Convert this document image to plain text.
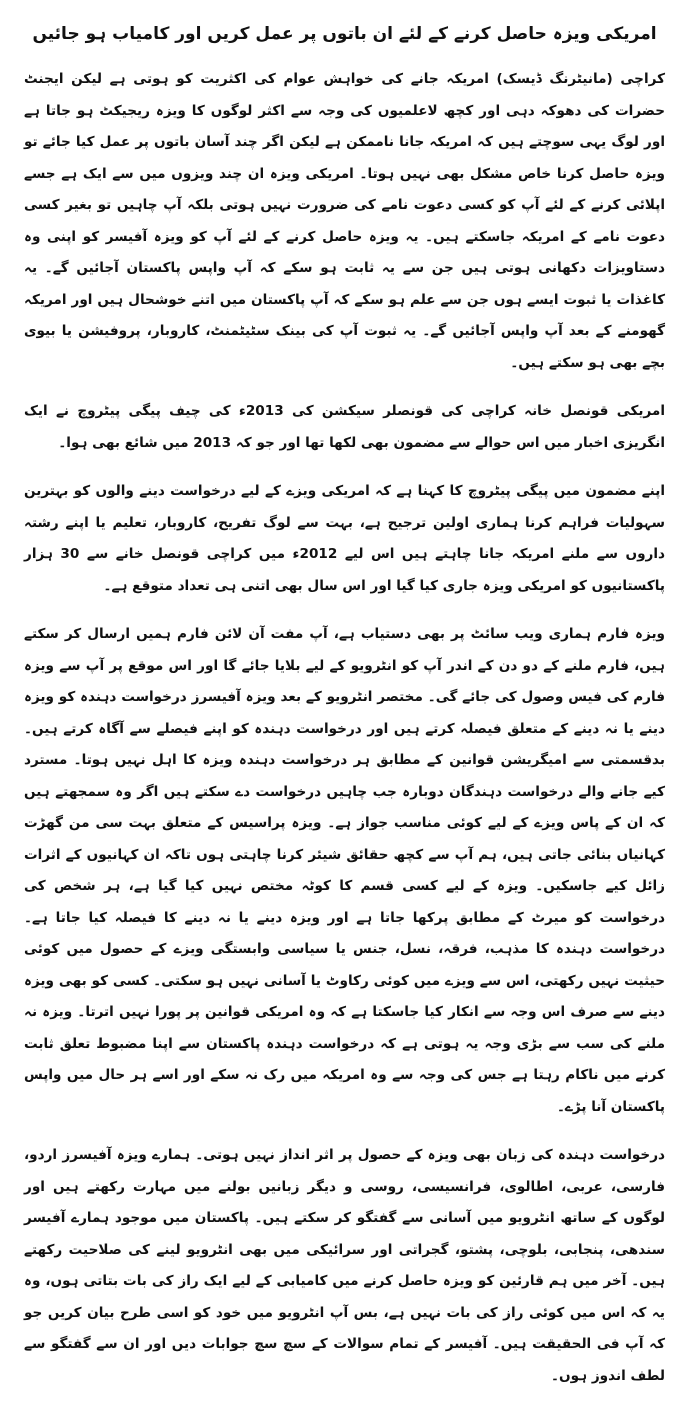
امریکی ویزہ حاصل کرنے کے لئے ان باتوں پر عمل کریں اور کامیاب ہو جائیں

کراچی (مانیٹرنگ ڈیسک) امریکہ جانے کی خواہش عوام کی اکثریت کو ہوتی ہے لیکن ایجنٹ حضرات کی دھوکہ دہی اور کچھ لاعلمیوں کی وجہ سے اکثر لوگوں کا ویزہ ریجیکٹ ہو جاتا ہے اور لوگ یہی سوچتے ہیں کہ امریکہ جانا ناممکن ہے لیکن اگر چند آسان باتوں پر عمل کیا جائے تو ویزہ حاصل کرنا خاص مشکل بھی نہیں ہوتا۔ امریکی ویزہ ان چند ویزوں میں سے ایک ہے جسے اپلائی کرنے کے لئے آپ کو کسی دعوت نامے کی ضرورت نہیں ہوتی بلکہ آپ چاہیں تو بغیر کسی دعوت نامے کے امریکہ جاسکتے ہیں۔ یہ ویزہ حاصل کرنے کے لئے آپ کو ویزہ آفیسر کو اپنی وہ دستاویزات دکھانی ہوتی ہیں جن سے یہ ثابت ہو سکے کہ آپ واپس پاکستان آجائیں گے۔ یہ کاغذات یا ثبوت ایسے ہوں جن سے علم ہو سکے کہ آپ پاکستان میں اتنے خوشحال ہیں اور امریکہ گھومنے کے بعد آپ واپس آجائیں گے۔ یہ ثبوت آپ کی بینک سٹیٹمنٹ، کاروبار، پروفیشن یا بیوی بچے بھی ہو سکتے ہیں۔

امریکی قونصل خانہ کراچی کی قونصلر سیکشن کی 2013ء کی چیف پیگی پیٹروچ نے ایک انگریزی اخبار میں اس حوالے سے مضمون بھی لکھا تھا اور جو کہ 2013 میں شائع بھی ہوا۔

اپنے مضمون میں پیگی پیٹروچ کا کہنا ہے کہ امریکی ویزے کے لیے درخواست دینے والوں کو بہترین سہولیات فراہم کرنا ہماری اولین ترجیح ہے، بہت سے لوگ تفریح، کاروبار، تعلیم یا اپنے رشتہ داروں سے ملنے امریکہ جانا چاہتے ہیں اس لیے 2012ء میں کراچی قونصل خانے سے 30 ہزار پاکستانیوں کو امریکی ویزہ جاری کیا گیا اور اس سال بھی اتنی ہی تعداد متوقع ہے۔

ویزہ فارم ہماری ویب سائٹ پر بھی دستیاب ہے، آپ مفت آن لائن فارم ہمیں ارسال کر سکتے ہیں، فارم ملنے کے دو دن کے اندر آپ کو انٹرویو کے لیے بلایا جائے گا اور اس موقع پر آپ سے ویزہ فارم کی فیس وصول کی جائے گی۔ مختصر انٹرویو کے بعد ویزہ آفیسرز درخواست دہندہ کو ویزہ دینے یا نہ دینے کے متعلق فیصلہ کرتے ہیں اور درخواست دہندہ کو اپنے فیصلے سے آگاہ کرتے ہیں۔ بدقسمتی سے امیگریشن قوانین کے مطابق ہر درخواست دہندہ ویزہ کا اہل نہیں ہوتا۔ مسترد کیے جانے والے درخواست دہندگان دوبارہ جب چاہیں درخواست دے سکتے ہیں اگر وہ سمجھتے ہیں کہ ان کے پاس ویزے کے لیے کوئی مناسب جواز ہے۔ ویزہ پراسیس کے متعلق بہت سی من گھڑت کہانیاں بنائی جاتی ہیں، ہم آپ سے کچھ حقائق شیئر کرنا چاہتی ہوں تاکہ ان کہانیوں کے اثرات زائل کیے جاسکیں۔ ویزہ کے لیے کسی قسم کا کوٹہ مختص نہیں کیا گیا ہے، ہر شخص کی درخواست کو میرٹ کے مطابق پرکھا جاتا ہے اور ویزہ دینے یا نہ دینے کا فیصلہ کیا جاتا ہے۔ درخواست دہندہ کا مذہب، فرقہ، نسل، جنس یا سیاسی وابستگی ویزے کے حصول میں کوئی حیثیت نہیں رکھتی، اس سے ویزے میں کوئی رکاوٹ یا آسانی نہیں ہو سکتی۔ کسی کو بھی ویزہ دینے سے صرف اس وجہ سے انکار کیا جاسکتا ہے کہ وہ امریکی قوانین پر پورا نہیں اترتا۔ ویزہ نہ ملنے کی سب سے بڑی وجہ یہ ہوتی ہے کہ درخواست دہندہ پاکستان سے اپنا مضبوط تعلق ثابت کرنے میں ناکام رہتا ہے جس کی وجہ سے وہ امریکہ میں رک نہ سکے اور اسے ہر حال میں واپس پاکستان آنا پڑے۔

درخواست دہندہ کی زبان بھی ویزہ کے حصول پر اثر انداز نہیں ہوتی۔ ہمارے ویزہ آفیسرز اردو، فارسی، عربی، اطالوی، فرانسیسی، روسی و دیگر زبانیں بولنے میں مہارت رکھتے ہیں اور لوگوں کے ساتھ انٹرویو میں آسانی سے گفتگو کر سکتے ہیں۔ پاکستان میں موجود ہمارے آفیسر سندھی، پنجابی، بلوچی، پشتو، گجراتی اور سرائیکی میں بھی انٹرویو لینے کی صلاحیت رکھتے ہیں۔ آخر میں ہم قارئین کو ویزہ حاصل کرنے میں کامیابی کے لیے ایک راز کی بات بتاتی ہوں، وہ یہ کہ اس میں کوئی راز کی بات نہیں ہے، بس آپ انٹرویو میں خود کو اسی طرح بیان کریں جو کہ آپ فی الحقیقت ہیں۔ آفیسر کے تمام سوالات کے سچ سچ جوابات دیں اور ان سے گفتگو سے لطف اندوز ہوں۔
